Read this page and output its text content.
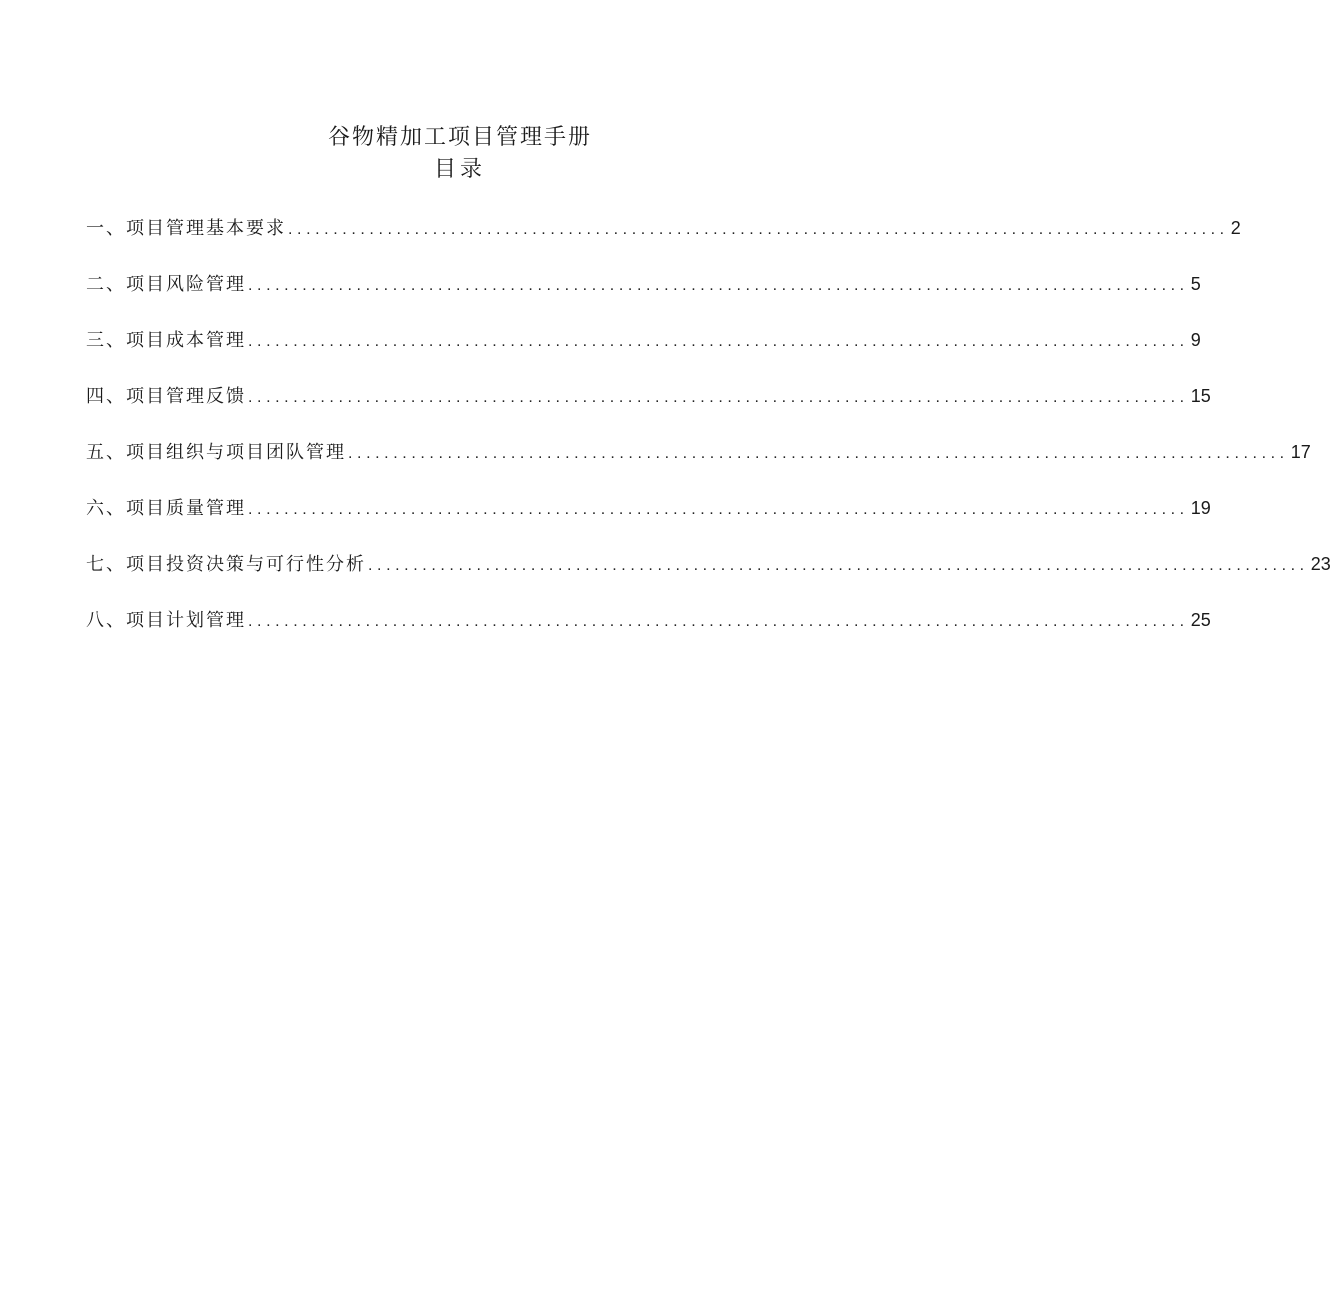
谷物精加工项目管理手册
目录
一、项目管理基本要求 ........................................................................................................ 2
二、项目风险管理 ........................................................................................................ 5
三、项目成本管理 ........................................................................................................ 9
四、项目管理反馈 ........................................................................................................ 15
五、项目组织与项目团队管理 ........................................................................................................ 17
六、项目质量管理 ........................................................................................................ 19
七、项目投资决策与可行性分析 ........................................................................................................ 23
八、项目计划管理 ........................................................................................................ 25
